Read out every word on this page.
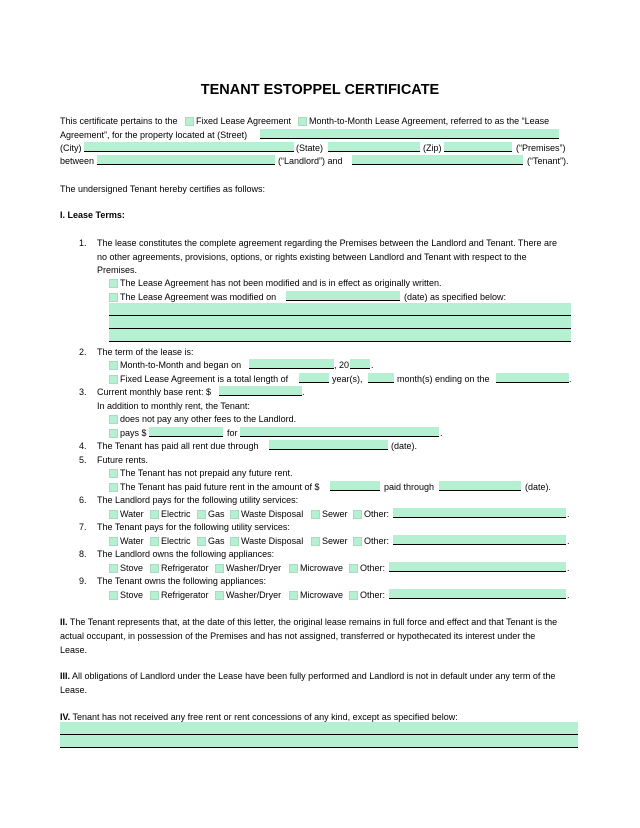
TENANT ESTOPPEL CERTIFICATE
This certificate pertains to the Fixed Lease Agreement Month-to-Month Lease Agreement, referred to as the “Lease
Agreement”, for the property located at (Street)
(City)	(State)	(Zip)	(“Premises”)
between	(“Landlord”) and	(“Tenant”).
The undersigned Tenant hereby certifies as follows:
I. Lease Terms:
1. The lease constitutes the complete agreement regarding the Premises between the Landlord and Tenant. There are
no other agreements, provisions, options, or rights existing between Landlord and Tenant with respect to the
Premises.
The Lease Agreement has not been modified and is in effect as originally written.
The Lease Agreement was modified on	(date) as specified below:
2. The term of the lease is:
Month-to-Month and began on	, 20 .
Fixed Lease Agreement is a total length of	year(s),	month(s) ending on the	.
3. Current monthly base rent: $	.
In addition to monthly rent, the Tenant:
does not pay any other fees to the Landlord.
pays $	for	.
4. The Tenant has paid all rent due through	(date).
5. Future rents.
The Tenant has not prepaid any future rent.
The Tenant has paid future rent in the amount of $	paid through	(date).
6. The Landlord pays for the following utility services:
Water Electric Gas Waste Disposal Sewer Other:	.
7. The Tenant pays for the following utility services:
Water Electric Gas Waste Disposal Sewer Other:	.
8. The Landlord owns the following appliances:
Stove Refrigerator Washer/Dryer Microwave Other:	.
9. The Tenant owns the following appliances:
Stove Refrigerator Washer/Dryer Microwave Other:	.
II. The Tenant represents that, at the date of this letter, the original lease remains in full force and effect and that Tenant is the
actual occupant, in possession of the Premises and has not assigned, transferred or hypothecated its interest under the
Lease.
III. All obligations of Landlord under the Lease have been fully performed and Landlord is not in default under any term of the
Lease.
IV. Tenant has not received any free rent or rent concessions of any kind, except as specified below:
